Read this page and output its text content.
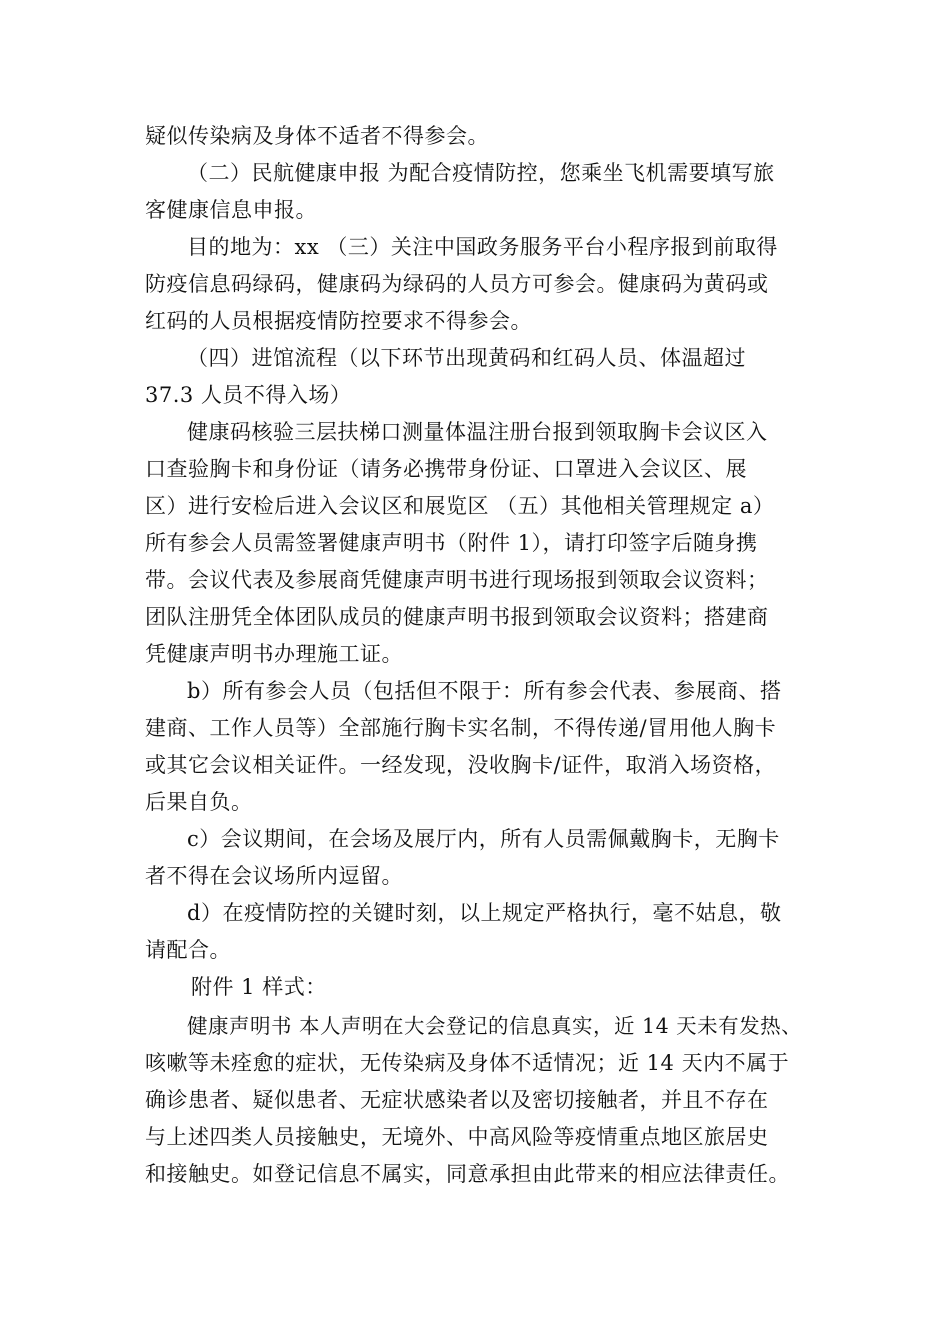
疑似传染病及身体不适者不得参会。
（二）民航健康申报 为配合疫情防控，您乘坐飞机需要填写旅
客健康信息申报。
目的地为：xx （三）关注中国政务服务平台小程序报到前取得
防疫信息码绿码，健康码为绿码的人员方可参会。健康码为黄码或
红码的人员根据疫情防控要求不得参会。
（四）进馆流程（以下环节出现黄码和红码人员、体温超过
37.3 人员不得入场）
健康码核验三层扶梯口测量体温注册台报到领取胸卡会议区入
口查验胸卡和身份证（请务必携带身份证、口罩进入会议区、展
区）进行安检后进入会议区和展览区 （五）其他相关管理规定 a）
所有参会人员需签署健康声明书（附件 1），请打印签字后随身携
带。会议代表及参展商凭健康声明书进行现场报到领取会议资料；
团队注册凭全体团队成员的健康声明书报到领取会议资料；搭建商
凭健康声明书办理施工证。
b）所有参会人员（包括但不限于：所有参会代表、参展商、搭
建商、工作人员等）全部施行胸卡实名制，不得传递/冒用他人胸卡
或其它会议相关证件。一经发现，没收胸卡/证件，取消入场资格，
后果自负。
c）会议期间，在会场及展厅内，所有人员需佩戴胸卡，无胸卡
者不得在会议场所内逗留。
d）在疫情防控的关键时刻，以上规定严格执行，毫不姑息，敬
请配合。
附件 1 样式：
健康声明书 本人声明在大会登记的信息真实，近 14 天未有发热、
咳嗽等未痊愈的症状，无传染病及身体不适情况；近 14 天内不属于
确诊患者、疑似患者、无症状感染者以及密切接触者，并且不存在
与上述四类人员接触史，无境外、中高风险等疫情重点地区旅居史
和接触史。如登记信息不属实，同意承担由此带来的相应法律责任。
